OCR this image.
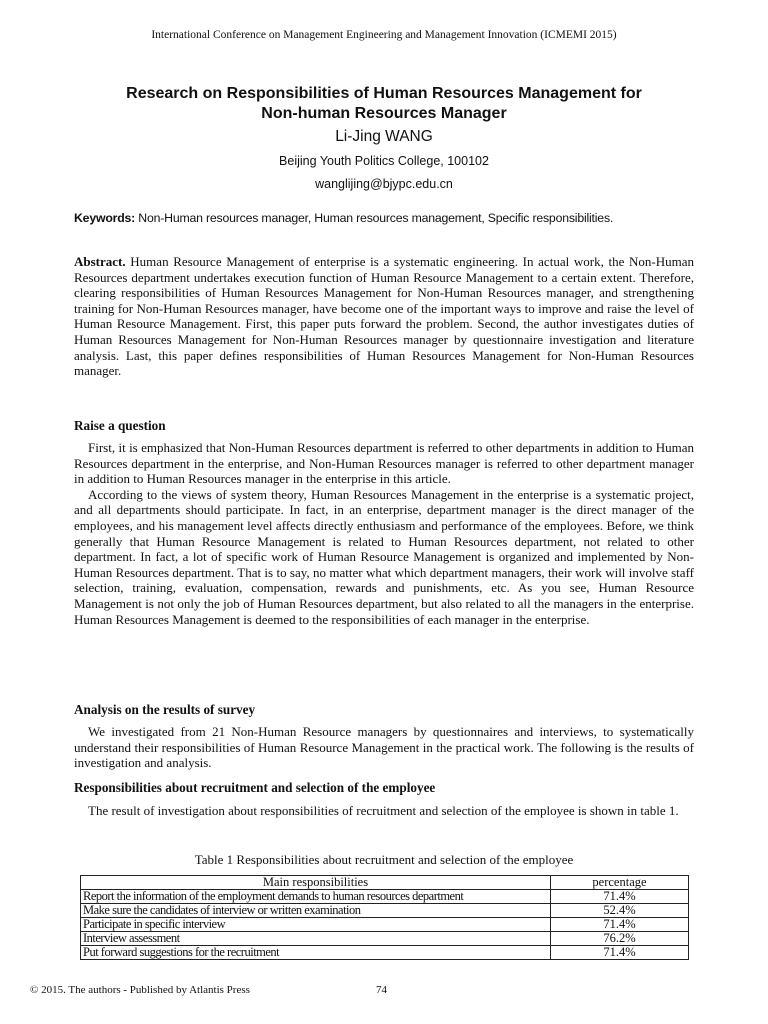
International Conference on Management Engineering and Management Innovation (ICMEMI 2015)
Research on Responsibilities of Human Resources Management for
Non-human Resources Manager
Li-Jing WANG
Beijing Youth Politics College, 100102
wanglijing@bjypc.edu.cn
Keywords: Non-Human resources manager, Human resources management, Specific responsibilities.

Abstract. Human Resource Management of enterprise is a systematic engineering. In actual work, the Non-Human Resources department undertakes execution function of Human Resource Management to a certain extent. Therefore, clearing responsibilities of Human Resources Management for Non-Human Resources manager, and strengthening training for Non-Human Resources manager, have become one of the important ways to improve and raise the level of Human Resource Management. First, this paper puts forward the problem. Second, the author investigates duties of Human Resources Management for Non-Human Resources manager by questionnaire investigation and literature analysis. Last, this paper defines responsibilities of Human Resources Management for Non-Human Resources manager.

Raise a question

First, it is emphasized that Non-Human Resources department is referred to other departments in addition to Human Resources department in the enterprise, and Non-Human Resources manager is referred to other department manager in addition to Human Resources manager in the enterprise in this article.

According to the views of system theory, Human Resources Management in the enterprise is a systematic project, and all departments should participate. In fact, in an enterprise, department manager is the direct manager of the employees, and his management level affects directly enthusiasm and performance of the employees. Before, we think generally that Human Resource Management is related to Human Resources department, not related to other department. In fact, a lot of specific work of Human Resource Management is organized and implemented by Non-Human Resources department. That is to say, no matter what which department managers, their work will involve staff selection, training, evaluation, compensation, rewards and punishments, etc. As you see, Human Resource Management is not only the job of Human Resources department, but also related to all the managers in the enterprise. Human Resources Management is deemed to the responsibilities of each manager in the enterprise.

Analysis on the results of survey

We investigated from 21 Non-Human Resource managers by questionnaires and interviews, to systematically understand their responsibilities of Human Resource Management in the practical work. The following is the results of investigation and analysis.

Responsibilities about recruitment and selection of the employee

The result of investigation about responsibilities of recruitment and selection of the employee is shown in table 1.

Table 1 Responsibilities about recruitment and selection of the employee
Main responsibilities	percentage
Report the information of the employment demands to human resources department	71.4%
Make sure the candidates of interview or written examination	52.4%
Participate in specific interview	71.4%
Interview assessment	76.2%
Put forward suggestions for the recruitment	71.4%
© 2015. The authors - Published by Atlantis Press	74
